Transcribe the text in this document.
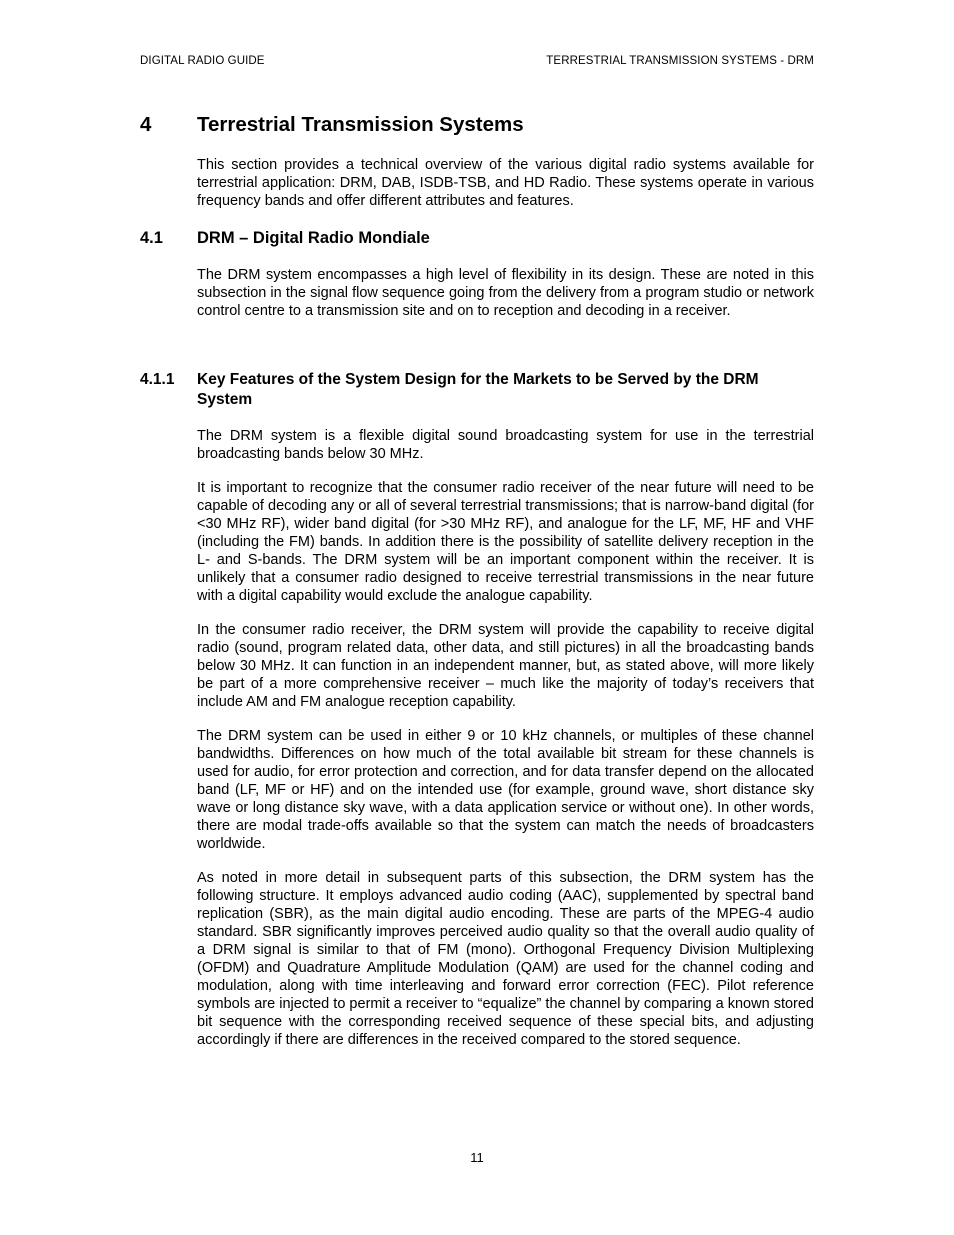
DIGITAL RADIO GUIDE	TERRESTRIAL TRANSMISSION SYSTEMS - DRM
4	Terrestrial Transmission Systems

This section provides a technical overview of the various digital radio systems available for terrestrial application: DRM, DAB, ISDB-TSB, and HD Radio. These systems operate in various frequency bands and offer different attributes and features.

4.1	DRM – Digital Radio Mondiale

The DRM system encompasses a high level of flexibility in its design. These are noted in this subsection in the signal flow sequence going from the delivery from a program studio or network control centre to a transmission site and on to reception and decoding in a receiver.

4.1.1	Key Features of the System Design for the Markets to be Served by the DRM System

The DRM system is a flexible digital sound broadcasting system for use in the terrestrial broadcasting bands below 30 MHz.

It is important to recognize that the consumer radio receiver of the near future will need to be capable of decoding any or all of several terrestrial transmissions; that is narrow-band digital (for <30 MHz RF), wider band digital (for >30 MHz RF), and analogue for the LF, MF, HF and VHF (including the FM) bands. In addition there is the possibility of satellite delivery reception in the L- and S-bands. The DRM system will be an important component within the receiver. It is unlikely that a consumer radio designed to receive terrestrial transmissions in the near future with a digital capability would exclude the analogue capability.

In the consumer radio receiver, the DRM system will provide the capability to receive digital radio (sound, program related data, other data, and still pictures) in all the broadcasting bands below 30 MHz. It can function in an independent manner, but, as stated above, will more likely be part of a more comprehensive receiver – much like the majority of today’s receivers that include AM and FM analogue reception capability.

The DRM system can be used in either 9 or 10 kHz channels, or multiples of these channel bandwidths. Differences on how much of the total available bit stream for these channels is used for audio, for error protection and correction, and for data transfer depend on the allocated band (LF, MF or HF) and on the intended use (for example, ground wave, short distance sky wave or long distance sky wave, with a data application service or without one). In other words, there are modal trade-offs available so that the system can match the needs of broadcasters worldwide.

As noted in more detail in subsequent parts of this subsection, the DRM system has the following structure. It employs advanced audio coding (AAC), supplemented by spectral band replication (SBR), as the main digital audio encoding. These are parts of the MPEG-4 audio standard. SBR significantly improves perceived audio quality so that the overall audio quality of a DRM signal is similar to that of FM (mono). Orthogonal Frequency Division Multiplexing (OFDM) and Quadrature Amplitude Modulation (QAM) are used for the channel coding and modulation, along with time interleaving and forward error correction (FEC). Pilot reference symbols are injected to permit a receiver to “equalize” the channel by comparing a known stored bit sequence with the corresponding received sequence of these special bits, and adjusting accordingly if there are differences in the received compared to the stored sequence.

11
